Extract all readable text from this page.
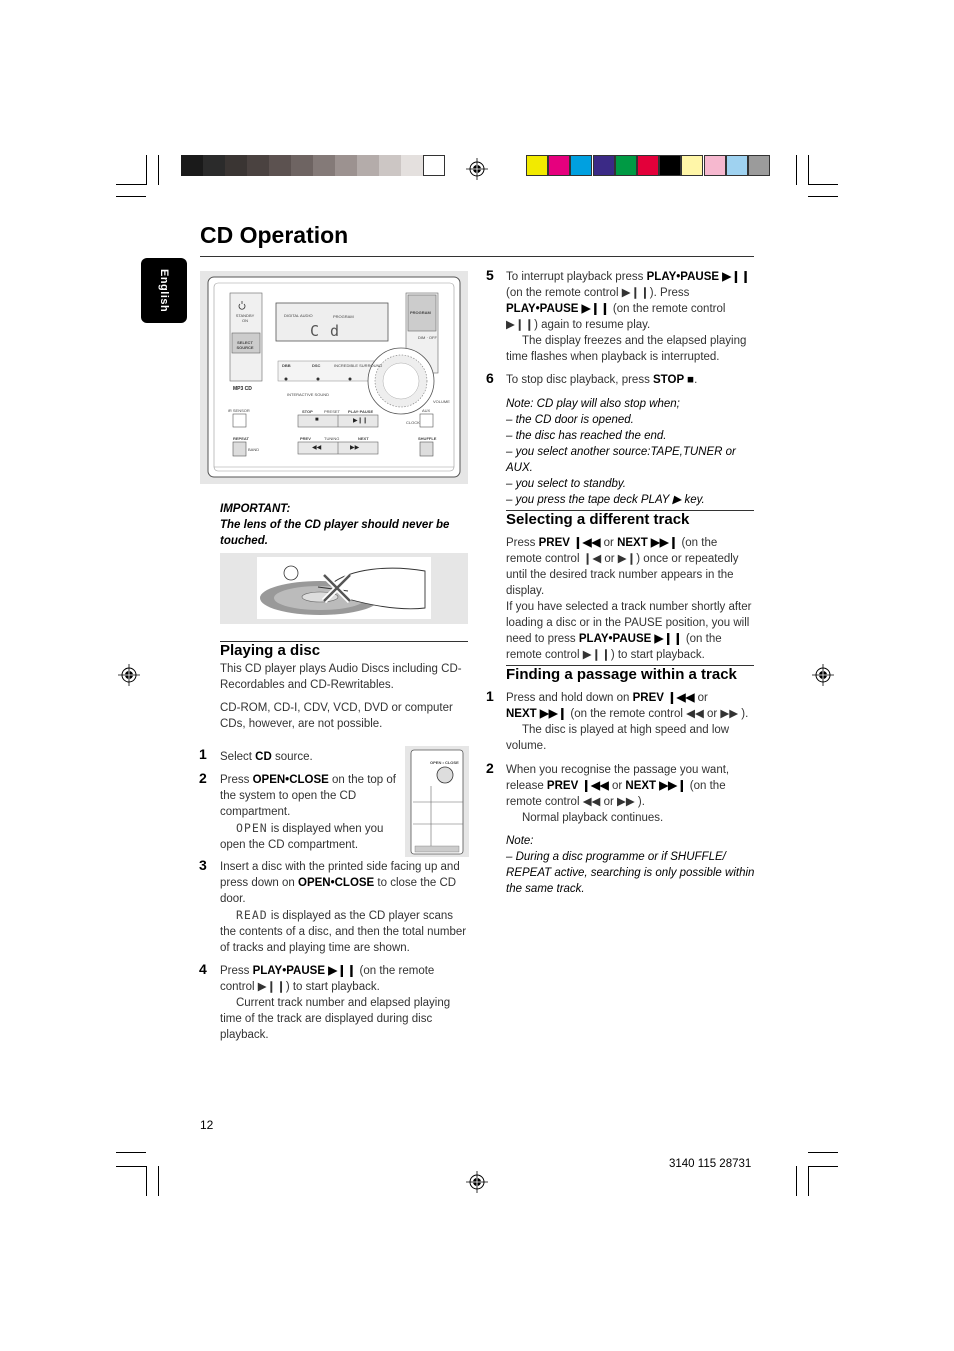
CD Operation
English
PROGRAM
DIGITAL AUDIO
C d
STANDBY ON
SELECT SOURCE
PROGRAM
DIM · OFF
DBB	DSC	INCREDIBLE SURROUND
INTERACTIVE SOUND
MP3 CD
iR SENSOR	STOP	PRESET PLAY·PAUSE
VOLUME
CLOCK
AUX
■	▶❙❙
REPEAT	PREV	TUNING	NEXT	SHUFFLE
BAND	◀◀	▶▶
IMPORTANT:
The lens of the CD player should never be touched.
Playing a disc
This CD player plays Audio Discs including CD-Recordables and CD-Rewritables.
CD-ROM, CD-I, CDV, VCD, DVD or computer CDs, however, are not possible.
1 Select CD source.	OPEN • CLOSE
2 Press OPEN•CLOSE on the top of the system to open the CD compartment.
OPEN is displayed when you open the CD compartment.
3 Insert a disc with the printed side facing up and press down on OPEN•CLOSE to close the CD door.
READ is displayed as the CD player scans the contents of a disc, and then the total number of tracks and playing time are shown.
4 Press PLAY•PAUSE ▶❙❙ (on the remote control ▶❙❙) to start playback.
Current track number and elapsed playing time of the track are displayed during disc playback.
5 To interrupt playback press PLAY•PAUSE ▶❙❙ (on the remote control ▶❙❙). Press PLAY•PAUSE ▶❙❙ (on the remote control ▶❙❙) again to resume play.
The display freezes and the elapsed playing time flashes when playback is interrupted.
6 To stop disc playback, press STOP ■.
Note: CD play will also stop when;
– the CD door is opened.
– the disc has reached the end.
– you select another source:TAPE,TUNER or AUX.
– you select to standby.
– you press the tape deck PLAY ▶ key.
Selecting a different track
Press PREV ❙◀◀ or NEXT ▶▶❙ (on the remote control ❙◀ or ▶❙) once or repeatedly until the desired track number appears in the display.
If you have selected a track number shortly after loading a disc or in the PAUSE position, you will need to press PLAY•PAUSE ▶❙❙ (on the remote control ▶❙❙) to start playback.
Finding a passage within a track
1 Press and hold down on PREV ❙◀◀ or
NEXT ▶▶❙ (on the remote control ◀◀ or ▶▶ ).
The disc is played at high speed and low volume.
2 When you recognise the passage you want, release PREV ❙◀◀ or NEXT ▶▶❙ (on the remote control ◀◀ or ▶▶ ).
Normal playback continues.
Note:
– During a disc programme or if SHUFFLE/ REPEAT active, searching is only possible within the same track.
12
3140 115 28731
